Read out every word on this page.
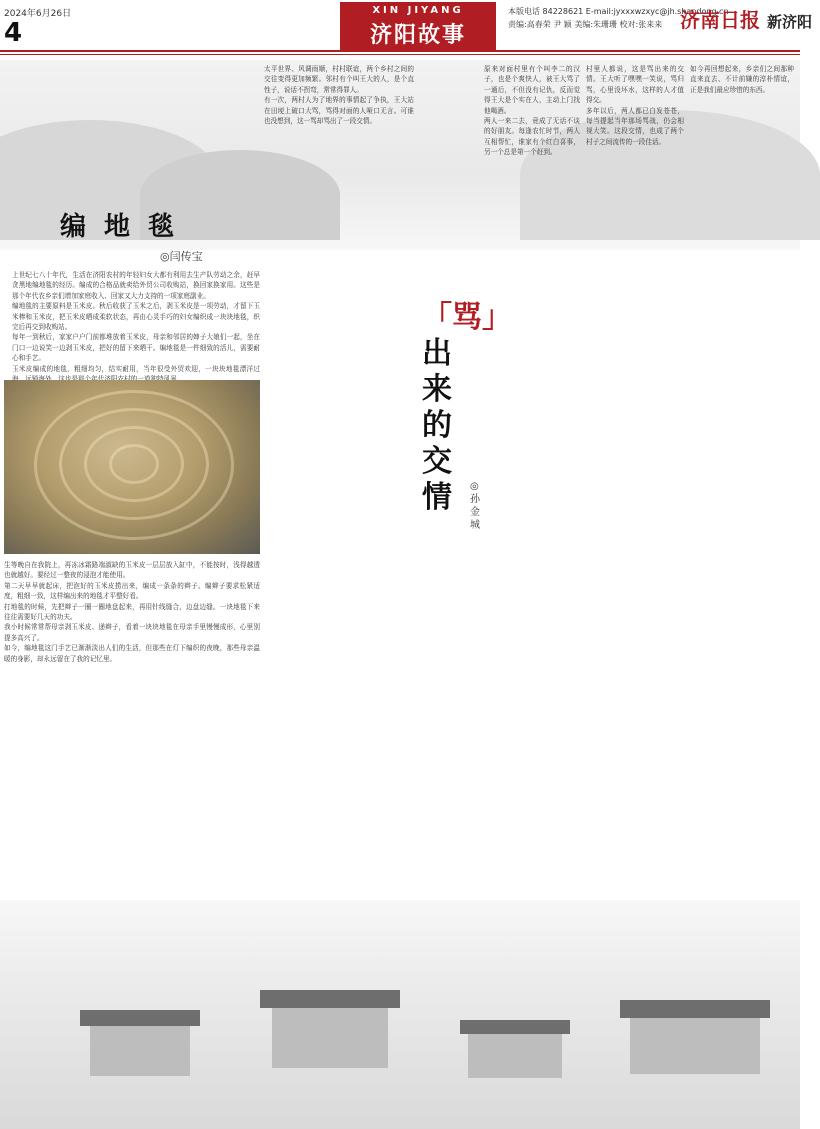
2024年6月26日
4
XIN JIYANG
济阳故事
本版电话 84228621 E-mail:jyxxxwzxyc@jh.shandong.cn
责编:高春荣 尹 颖 美编:朱珊珊 校对:张来来 济南日报 新济阳
编地毯
◎闫传宝

上世纪七八十年代，生活在济阳农村的年轻妇女大都有利用去生产队劳动之余，赶早贪黑地编地毯的经历。编成的合格品就卖给外贸公司收购站，换回家换家用。这些是那个年代农乡亲们增加家庭收入、回家又大力支持的一项家庭副业。

编地毯的主要原料是玉米皮。秋后收获了玉米之后，剥玉米皮是一项劳动，才留下玉米棒和玉米皮，把玉米皮晒成柔软状态，再由心灵手巧的妇女编织成一块块地毯，织完后再交到收购站。

每年一到秋后，家家户户门前都堆放着玉米皮，母亲和邻居的婶子大娘们一起，坐在门口一边说笑一边剥玉米皮，把好的留下来晒干。编地毯是一件细致的活儿，需要耐心和手艺。

玉米皮编成的地毯，粗细均匀，结实耐用，当年很受外贸欢迎，一块块地毯漂洋过

生等晚自在我院上，再冻冰霜路端淑缺的玉米皮一层层放入缸中，不能按时，浅得越透也就越好。要经过一整夜的浸泡才能使用。

第二天早早就起床，把泡好的玉米皮捞出来，编成一条条的辫子。编辫子要求松紧适度，粗细一致，这样编出来的地毯才平整好看。

打地毯的时候，先把辫子一圈一圈地盘起来，再用针线缝合，边盘边缝。一块地毯下来往往需要好几天的功夫。

我小时候常常帮母亲剥玉米皮、递辫子，看着一块块地毯在母亲手里慢慢成形，心里别提多高兴了。

如今，编地毯这门手艺已渐渐淡出人们的生活，但那些在灯下编织的夜晚，那些母亲温暖的身影，却永远留在了我的记忆里。

「骂」
出来
的交
情	◎孙金城

太平世界、风调雨顺，村村联谊，两个乡村之间的交往变得更加频繁。邻村有个叫王大的人，是个直性子，说话不拐弯，常常得罪人。

有一次，两村人为了地界的事情起了争执，王大站在田埂上破口大骂，骂得对面的人哑口无言。可谁也没想到，这一骂却骂出了一段交情。

原来对面村里有个叫李二的汉子，也是个爽快人，被王大骂了一通后，不但没有记仇，反而觉得王大是个实在人，主动上门找他喝酒。

两人一来二去，竟成了无话不谈的好朋友。每逢农忙时节，两人互相帮忙，谁家有个红白喜事，另一个总是第一个赶到。

村里人都说，这是骂出来的交情。王大听了嘿嘿一笑说，骂归骂，心里没坏水，这样的人才值得交。

多年以后，两人都已白发苍苍，每当提起当年那场骂战，仍会相视大笑。这段交情，也成了两个村子之间流传的一段佳话。

如今再回想起来，乡亲们之间那种直来直去、不计前嫌的淳朴情谊，正是我们最应珍惜的东西。
